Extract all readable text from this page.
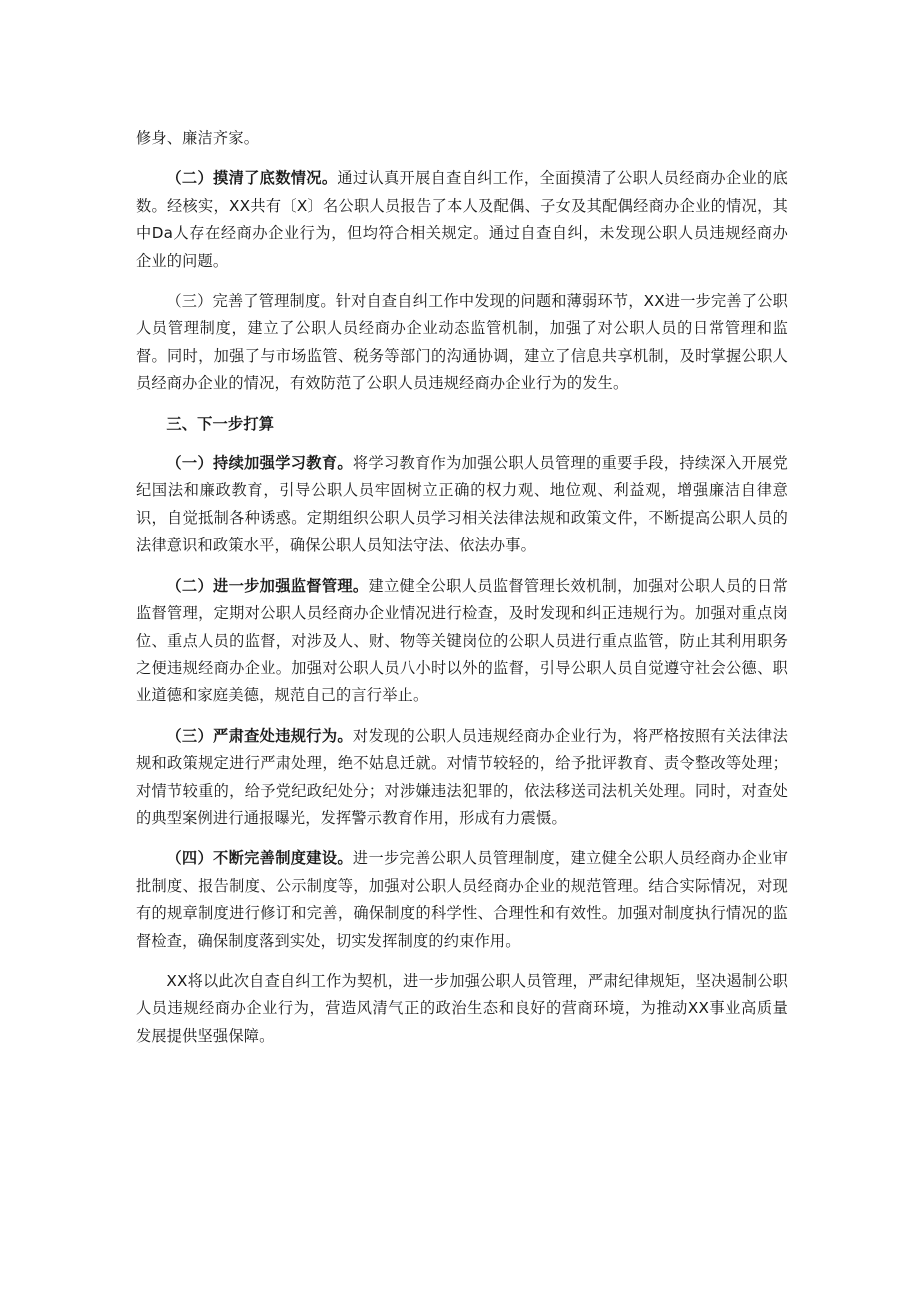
修身、廉洁齐家。

（二）摸清了底数情况。通过认真开展自查自纠工作，全面摸清了公职人员经商办企业的底数。经核实，XX共有〔X〕名公职人员报告了本人及配偶、子女及其配偶经商办企业的情况，其中Da人存在经商办企业行为，但均符合相关规定。通过自查自纠，未发现公职人员违规经商办企业的问题。

（三）完善了管理制度。针对自查自纠工作中发现的问题和薄弱环节，XX进一步完善了公职人员管理制度，建立了公职人员经商办企业动态监管机制，加强了对公职人员的日常管理和监督。同时，加强了与市场监管、税务等部门的沟通协调，建立了信息共享机制，及时掌握公职人员经商办企业的情况，有效防范了公职人员违规经商办企业行为的发生。

三、下一步打算

（一）持续加强学习教育。将学习教育作为加强公职人员管理的重要手段，持续深入开展党纪国法和廉政教育，引导公职人员牢固树立正确的权力观、地位观、利益观，增强廉洁自律意识，自觉抵制各种诱惑。定期组织公职人员学习相关法律法规和政策文件，不断提高公职人员的法律意识和政策水平，确保公职人员知法守法、依法办事。

（二）进一步加强监督管理。建立健全公职人员监督管理长效机制，加强对公职人员的日常监督管理，定期对公职人员经商办企业情况进行检查，及时发现和纠正违规行为。加强对重点岗位、重点人员的监督，对涉及人、财、物等关键岗位的公职人员进行重点监管，防止其利用职务之便违规经商办企业。加强对公职人员八小时以外的监督，引导公职人员自觉遵守社会公德、职业道德和家庭美德，规范自己的言行举止。

（三）严肃查处违规行为。对发现的公职人员违规经商办企业行为，将严格按照有关法律法规和政策规定进行严肃处理，绝不姑息迁就。对情节较轻的，给予批评教育、责令整改等处理；对情节较重的，给予党纪政纪处分；对涉嫌违法犯罪的，依法移送司法机关处理。同时，对查处的典型案例进行通报曝光，发挥警示教育作用，形成有力震慑。

（四）不断完善制度建设。进一步完善公职人员管理制度，建立健全公职人员经商办企业审批制度、报告制度、公示制度等，加强对公职人员经商办企业的规范管理。结合实际情况，对现有的规章制度进行修订和完善，确保制度的科学性、合理性和有效性。加强对制度执行情况的监督检查，确保制度落到实处，切实发挥制度的约束作用。

XX将以此次自查自纠工作为契机，进一步加强公职人员管理，严肃纪律规矩，坚决遏制公职人员违规经商办企业行为，营造风清气正的政治生态和良好的营商环境，为推动XX事业高质量发展提供坚强保障。
